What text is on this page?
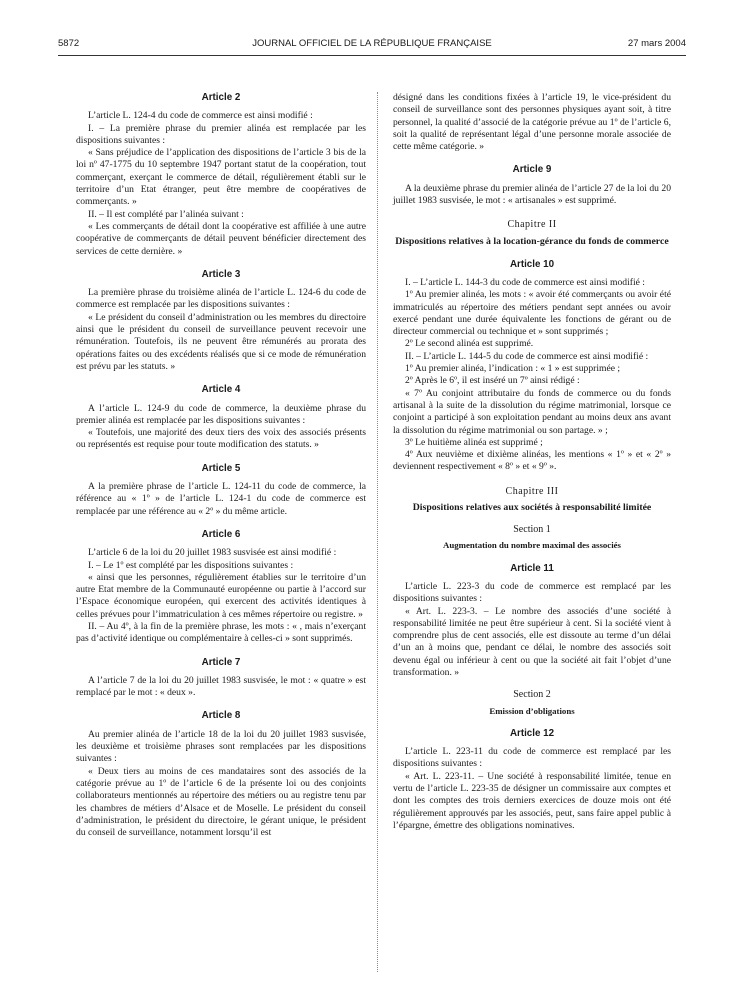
5872	JOURNAL OFFICIEL DE LA RÉPUBLIQUE FRANÇAISE	27 mars 2004
Article 2

L’article L. 124-4 du code de commerce est ainsi modifié :

I. – La première phrase du premier alinéa est remplacée par les dispositions suivantes :

« Sans préjudice de l’application des dispositions de l’article 3 bis de la loi nº 47-1775 du 10 septembre 1947 portant statut de la coopération, tout commerçant, exerçant le commerce de détail, régulièrement établi sur le territoire d’un Etat étranger, peut être membre de coopératives de commerçants. »

II. – Il est complété par l’alinéa suivant :

« Les commerçants de détail dont la coopérative est affiliée à une autre coopérative de commerçants de détail peuvent bénéficier directement des services de cette dernière. »

Article 3

La première phrase du troisième alinéa de l’article L. 124-6 du code de commerce est remplacée par les dispositions suivantes :

« Le président du conseil d’administration ou les membres du directoire ainsi que le président du conseil de surveillance peuvent recevoir une rémunération. Toutefois, ils ne peuvent être rémunérés au prorata des opérations faites ou des excédents réalisés que si ce mode de rémunération est prévu par les statuts. »

Article 4

A l’article L. 124-9 du code de commerce, la deuxième phrase du premier alinéa est remplacée par les dispositions suivantes :

« Toutefois, une majorité des deux tiers des voix des associés présents ou représentés est requise pour toute modification des statuts. »

Article 5

A la première phrase de l’article L. 124-11 du code de commerce, la référence au « 1º » de l’article L. 124-1 du code de commerce est remplacée par une référence au « 2º » du même article.

Article 6

L’article 6 de la loi du 20 juillet 1983 susvisée est ainsi modifié :

I. – Le 1º est complété par les dispositions suivantes :

« ainsi que les personnes, régulièrement établies sur le territoire d’un autre Etat membre de la Communauté européenne ou partie à l’accord sur l’Espace économique européen, qui exercent des activités identiques à celles prévues pour l’immatriculation à ces mêmes répertoire ou registre. »

II. – Au 4º, à la fin de la première phrase, les mots : « , mais n’exerçant pas d’activité identique ou complémentaire à celles-ci » sont supprimés.

Article 7

A l’article 7 de la loi du 20 juillet 1983 susvisée, le mot : « quatre » est remplacé par le mot : « deux ».

Article 8

Au premier alinéa de l’article 18 de la loi du 20 juillet 1983 susvisée, les deuxième et troisième phrases sont remplacées par les dispositions suivantes :

« Deux tiers au moins de ces mandataires sont des associés de la catégorie prévue au 1º de l’article 6 de la présente loi ou des conjoints collaborateurs mentionnés au répertoire des métiers ou au registre tenu par les chambres de métiers d’Alsace et de Moselle. Le président du conseil d’administration, le président du directoire, le gérant unique, le président du conseil de surveillance, notamment lorsqu’il est

désigné dans les conditions fixées à l’article 19, le vice-président du conseil de surveillance sont des personnes physiques ayant soit, à titre personnel, la qualité d’associé de la catégorie prévue au 1º de l’article 6, soit la qualité de représentant légal d’une personne morale associée de cette même catégorie. »

Article 9

A la deuxième phrase du premier alinéa de l’article 27 de la loi du 20 juillet 1983 susvisée, le mot : « artisanales » est supprimé.

Chapitre II
Dispositions relatives à la location-gérance du fonds de commerce
Article 10

I. – L’article L. 144-3 du code de commerce est ainsi modifié :

1º Au premier alinéa, les mots : « avoir été commerçants ou avoir été immatriculés au répertoire des métiers pendant sept années ou avoir exercé pendant une durée équivalente les fonctions de gérant ou de directeur commercial ou technique et » sont supprimés ;

2º Le second alinéa est supprimé.

II. – L’article L. 144-5 du code de commerce est ainsi modifié :

1º Au premier alinéa, l’indication : « 1 » est supprimée ;

2º Après le 6º, il est inséré un 7º ainsi rédigé :

« 7º Au conjoint attributaire du fonds de commerce ou du fonds artisanal à la suite de la dissolution du régime matrimonial, lorsque ce conjoint a participé à son exploitation pendant au moins deux ans avant la dissolution du régime matrimonial ou son partage. » ;

3º Le huitième alinéa est supprimé ;

4º Aux neuvième et dixième alinéas, les mentions « 1º » et « 2º » deviennent respectivement « 8º » et « 9º ».

Chapitre III
Dispositions relatives aux sociétés à responsabilité limitée
Section 1
Augmentation du nombre maximal des associés
Article 11

L’article L. 223-3 du code de commerce est remplacé par les dispositions suivantes :

« Art. L. 223-3. – Le nombre des associés d’une société à responsabilité limitée ne peut être supérieur à cent. Si la société vient à comprendre plus de cent associés, elle est dissoute au terme d’un délai d’un an à moins que, pendant ce délai, le nombre des associés soit devenu égal ou inférieur à cent ou que la société ait fait l’objet d’une transformation. »

Section 2
Emission d’obligations
Article 12

L’article L. 223-11 du code de commerce est remplacé par les dispositions suivantes :

« Art. L. 223-11. – Une société à responsabilité limitée, tenue en vertu de l’article L. 223-35 de désigner un commissaire aux comptes et dont les comptes des trois derniers exercices de douze mois ont été régulièrement approuvés par les associés, peut, sans faire appel public à l’épargne, émettre des obligations nominatives.
